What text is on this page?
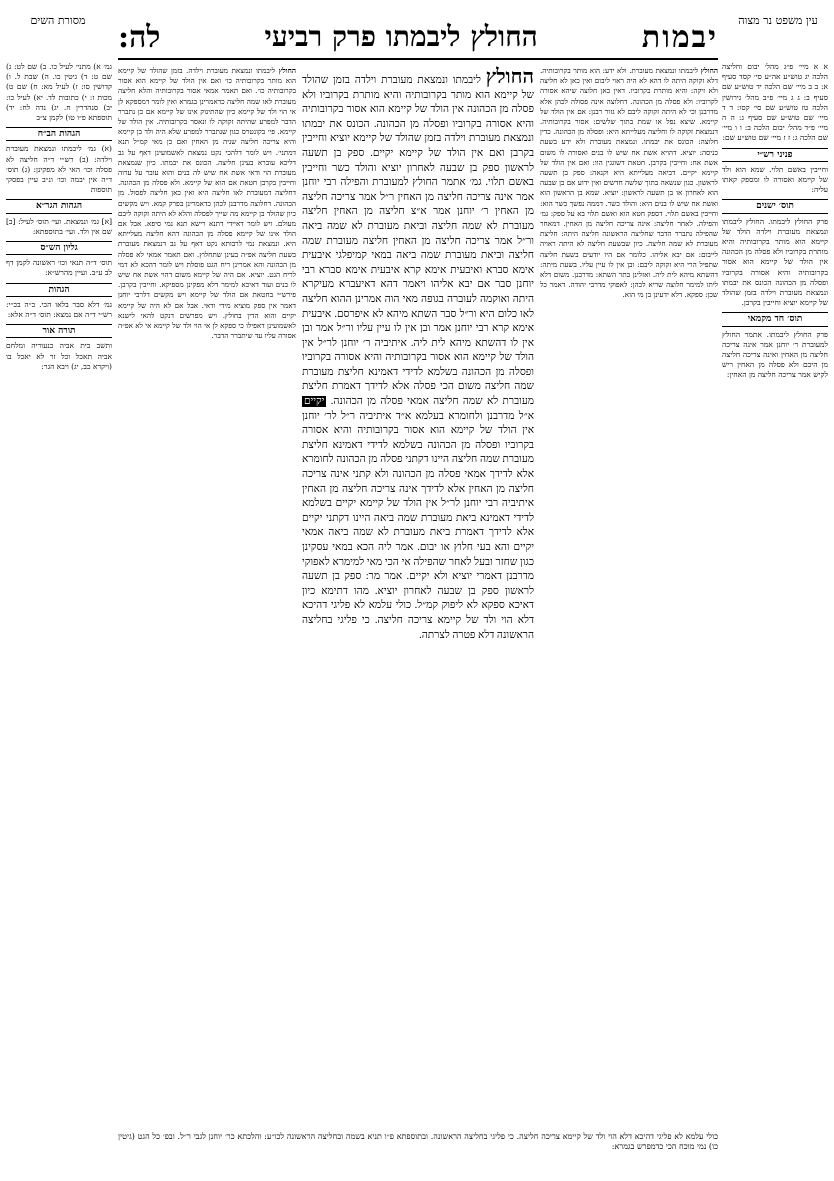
מסורת השים	עין משפט נר מצוה
יבמות
החולץ ליבמתו פרק רביעי
לה:
גמ׳ א) מתני׳ לעיל כו. ב) שם לט: ג) שם ט: ד) גיטין כו. ה) שבת ל. ו) קדושין סו: ז) לעיל מא: ח) שם ט) מכות ז: י) כתובות לד. יא) לעיל כו: יב) סנהדרין ח. יג) נדה לח: יד) תוספתא פ״ו טו) לקמן צ״ב
הגהות הב״ח
(א) גמ׳ ליבמתו ונמצאת מעוברת וילדה: (ב) רש״י ד״ה חליצה לא פסלה וכו׳ האי לא מפקינן: (ג) תוס׳ ד״ה אין יבמה וכו׳ ונ״ב עיין בפסקי תוספות
הגהות הגר״א
[א] גמ׳ ונמצאת. ועי׳ תוס׳ לעיל: [ב] שם אין ולד. ועי׳ בתוספתא:
גליון הש״ס
תוס׳ ד״ה תנאי וכו׳ ראשונה לקמן דף לב ע״ב. ועיין מהרש״א:
הגהות
גמ׳ דלא סבר בלאו הכי. כ״ה בכ״י: רש״י ד״ה אם נמצא: תוס׳ ד״ה אלא:
תורה אור
ותשב בית אביה כנעוריה ומלחם אביה תאכל וכל זר לא יאכל בו (ויקרא כב, יג) ויבא הגר:
א א מיי׳ פ״ג מהל׳ יבום וחליצה הלכה יג טוש״ע אה״ע סי׳ קסד סעיף א: ב ב מיי׳ שם הלכה יד טוש״ע שם סעיף ב: ג ג מיי׳ פ״ב מהל׳ גירושין הלכה טז טוש״ע שם סי׳ קסו: ד ד מיי׳ שם טוש״ע שם סעיף ג: ה ה מיי׳ פ״ד מהל׳ יבום הלכה ב: ו ו מיי׳ שם הלכה ג: ז ז מיי׳ שם טוש״ע שם:
פניני רש״י
וחייבין באשם תלוי. שמא הוא ולד של קיימא ואסורה לו ומספק קאתו עליה:
תוס׳ ישנים
פרק החולץ ליבמתו. החולץ ליבמתו ונמצאת מעוברת וילדה הולד של קיימא הוא מותר בקרובותיה והיא מותרת בקרוביו ולא פסלה מן הכהונה אין הולד של קיימא הוא אסור בקרובותיה והיא אסורה בקרוביו ופסלה מן הכהונה הכונס את יבמתו ונמצאת מעוברת וילדה בזמן שהולד של קיימא יוציא וחייבין בקרבן.
תוס׳ חד מקמאי
פרק החולץ ליבמתו. אתמר החולץ למעוברת ר׳ יוחנן אמר אינה צריכה חליצה מן האחין ואינה צריכה חליצה מן היבם ולא פסלה מן האחין ריש לקיש אמר צריכה חליצה מן האחין:
החולץ ליבמתו ונמצאת מעוברת. ולא ידע: הוא מותר בקרובותיה. דלא זקוקה היתה לו דהא לא היה ראוי ליבום ואין כאן לא חליצה ולא זיקה: והיא מותרת בקרוביו. דאין כאן חלוצה שיהא אסורה לקרוביו: ולא פסלה מן הכהונה. דחלוצה אינה פסולה לכהן אלא מדרבנן וכי לא היתה זקוקה ליבם לא גזור רבנן: אם אין הולד של קיימא. שיצא נפל או שמת בתוך שלשים: אסור בקרובותיה. דנמצאת זקוקה לו וחליצה מעלייתא היא: ופסלה מן הכהונה. כדין חלוצה: הכונס את יבמתו. ונמצאת מעוברת ולא ידע בשעת כניסה: יוציא. דהויא אשת אח שיש לו בנים ואסורה לו משום אשת אח: וחייבין בקרבן. חטאת דשוגגין הוו: ואם אין הולד של קיימא יקיים. דביאה מעלייתא היא וקנאה: ספק בן תשעה לראשון. כגון שנשאה בתוך שלשה חדשים ואין ידוע אם בן שבעה הוא לאחרון או בן תשעה לראשון: יוציא. שמא בן הראשון הוא ואשת אח שיש לו בנים היא: והולד כשר. דממה נפשך כשר הוא: וחייבין באשם תלוי. דספק חטא הוא ואשם תלוי בא על ספק: גמ׳ והפילה. לאחר חליצה: אינה צריכה חליצה מן האחין. דמאחר שהפילה נתברר הדבר שחליצה הראשונה חליצה היתה: חליצת מעוברת לא שמה חליצה. כיון שבשעת חליצה לא היתה ראויה לייבום: אם יבא אליהו. כלומר אם היו יודעים בשעת חליצה שתפיל הרי היא זקוקה ליבם: ובן אין לו עיין עליו. בשעת מיתה: דהשתא מיהא לית ליה. ואזלינן בתר השתא: מדרבנן. משום דלא ליתו למימר חלוצה שריא לכהן: לאפוקי מדרבי יהודה. דאמר כל שכן: ספקא. דלא ידעינן בן מי הוא.
החולץ ליבמתו ונמצאת מעוברת וילדה בזמן שהולד של קיימא הוא מותר בקרובותיה והיא מותרת בקרוביו ולא פסלה מן הכהונה אין הולד של קיימא הוא אסור בקרובותיה והיא אסורה בקרוביו ופסלה מן הכהונה. הכונס את יבמתו ונמצאת מעוברת וילדה בזמן שהולד של קיימא יוציא וחייבין בקרבן ואם אין הולד של קיימא יקיים. ספק בן תשעה לראשון ספק בן שבעה לאחרון יוציא והולד כשר וחייבין באשם תלוי. גמ׳ אתמר החולץ למעוברת והפילה רבי יוחנן אמר אינה צריכה חליצה מן האחין ר״ל אמר צריכה חליצה מן האחין ר׳ יוחנן אמר א״צ חליצה מן האחין חליצה מעוברת לא שמה חליצה וביאת מעוברת לא שמה ביאה ור״ל אמר צריכה חליצה מן האחין חליצה מעוברת שמה חליצה וביאת מעוברת שמה ביאה במאי קמיפלגי איבעית אימא סברא ואיבעית אימא קרא איבעית אימא סברא רבי יוחנן סבר אם יבא אליהו ויאמר דהא דאיעברא מעיקרא היתה ואוקמה לעוברה בגופה מאי הוה אמרינן ההוא חליצה לאו כלום היא ור״ל סבר השתא מיהא לא איפרסם. איבעית אימא קרא רבי יוחנן אמר ובן אין לו עיין עליו ור״ל אמר ובן אין לו דהשתא מיהא לית ליה. איתיביה ר׳ יוחנן לר״ל אין הולד של קיימא הוא אסור בקרובותיה והיא אסורה בקרוביו ופסלה מן הכהונה בשלמא לדידי דאמינא חליצת מעוברת שמה חליצה משום הכי פסלה אלא לדידך דאמרת חליצת מעוברת לא שמה חליצה אמאי פסלה מן הכהונה. יקיים א״ל מדרבנן ולחומרא בעלמא א״ד איתיביה ר״ל לר׳ יוחנן אין הולד של קיימא הוא אסור בקרובותיה והיא אסורה בקרוביו ופסלה מן הכהונה בשלמא לדידי דאמינא חליצת מעוברת שמה חליצה היינו דקתני פסלה מן הכהונה לחומרא אלא לדידך אמאי פסלה מן הכהונה ולא קתני אינה צריכה חליצה מן האחין אלא לדידך אינה צריכה חליצה מן האחין איתיביה רבי יוחנן לר״ל אין הולד של קיימא יקיים בשלמא לדידי דאמינא ביאת מעוברת שמה ביאה היינו דקתני יקיים אלא לדידך דאמרת ביאת מעוברת לא שמה ביאה אמאי יקיים והא בעי חלוץ או יבום. אמר ליה הכא במאי עסקינן כגון שחזר ובעל לאחר שהפילה אי הכי מאי למימרא לאפוקי מדרבנן דאמרי יוציא ולא יקיים. אמר מר: ספק בן תשעה לראשון ספק בן שבעה לאחרון יוציא. מהו דתימא כיון דאיכא ספקא לא ליפוק קמ״ל. כולי עלמא לא פליגי דהיכא דלא הוי ולד של קיימא צריכה חליצה. כי פליגי בחליצה הראשונה דלא פטרה לצרתה.
החולץ ליבמתו ונמצאת מעוברת וילדה. בזמן שהולד של קיימא הוא מותר בקרובותיה כו׳ ואם אין הולד של קיימא הוא אסור בקרובותיה כו׳. ואם תאמר אמאי אסור בקרובותיה והלא חליצה מעוברת לאו שמה חליצה כדאמרינן בגמרא ואין לומר דמספקא לן אי הוי ולד של קיימא כיון שהתינוק אינו של קיימא אם כן נתברר הדבר למפרע שהיתה זקוקה לו ונאסר בקרובותיה. אין הולד של קיימא. פי׳ בקונטרס כגון שנתברר למפרע שלא היה ולד בן קיימא והיא צריכה חליצה שניה מן האחין ואם כן מאי קמ״ל תנא דמתני׳. ויש לומר דלהכי נקט נמצאת לאשמועינן דאף על גב דליכא עוברא בעינן חליצה. הכונס את יבמתו. כיון שנמצאת מעוברת הוי ודאי אשת אח שיש לה בנים והוא עובר על ערוה וחייבין בקרבן חטאת אם הוא של קיימא. ולא פסלה מן הכהונה. דחליצה דמעוברת לאו חליצה היא ואין כאן חליצה לפסול. מן הכהונה. דחלוצה מדרבנן לכהן כדאמרינן בפרק קמא. ויש מקשים כיון שהולד בן קיימא מה שייך לפסלה והלא לא היתה זקוקה ליבם מעולם. ויש לומר דאיידי דתנא רישא תנא נמי סיפא. אבל אם הולד אינו של קיימא פסלה מן הכהונה דהא חליצה מעלייתא היא. ונמצאת נמי לרבותא נקט דאף על גב דנמצאת מעוברת בשעת חליצה אפ״ה בעינן שתחלוץ. ואם תאמר אמאי לא פסלה מן הכהונה והא אמרינן ריח הגט פוסלת ויש לומר דהכא לא דמי לריח הגט. יוציא. אם היה של קיימא משום דהוי אשת אח שיש לו בנים ועוד דאיכא למימר דלא מפקינן מספיקא. וחייבין בקרבן. פירש״י בחטאת אם הולד של קיימא ויש מקשים דלרבי יוחנן דאמר אין ספק מוציא מידי ודאי. אבל אם לא היה של קיימא יקיים והוא הדין בחולץ. ויש מפרשים דנקט להאי לישנא לאשמועינן דאפילו כי ספקא לן אי הוי ולד של קיימא אי לא אפ״ה אסורה עליו עד שיתברר הדבר.
כולי עלמא לא פליגי דהיכא דלא הוי ולד של קיימא צריכה חליצה. כי פליגי בחליצה הראשונה. ובתוספתא פ״ו תניא בשמה ובחליצה הראשונה לכו״ע: והלכתא כר׳ יוחנן לגבי ר״ל. ובפ׳ כל הגט (גיטין כו) נמי מוכח הכי כדמפרש בגמרא:
